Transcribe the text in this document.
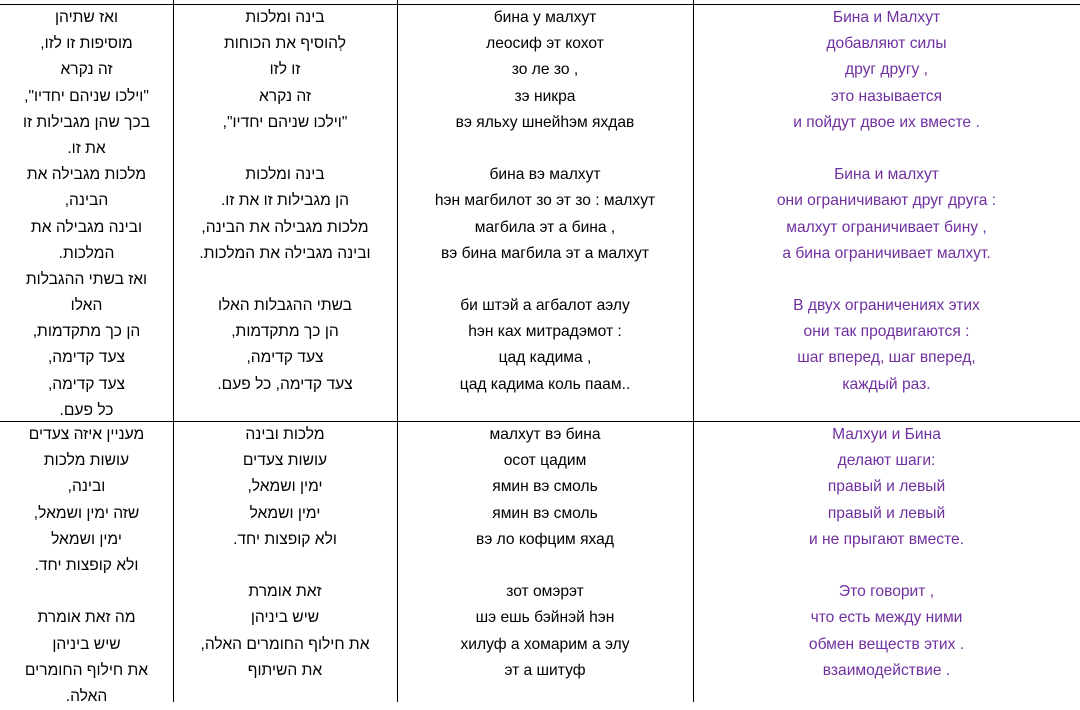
ואז שתיהן
מוסיפות זו לזו,
זה נקרא
"וילכו שניהם יחדיו",
בכך שהן מגבילות זו
את זו.
מלכות מגבילה את
הבינה,
ובינה מגבילה את
המלכות.
ואז בשתי ההגבלות
האלו
הן כך מתקדמות,
צעד קדימה,
צעד קדימה,
כל פעם.
בינה ומלכות
לְהוסיף את הכוחות
זו לזו
זה נקרא
"וילכו שניהם יחדיו",
בינה ומלכות
הן מגבילות זו את זו.
מלכות מגבילה את הבינה,
ובינה מגבילה את המלכות.
בשתי ההגבלות האלו
הן כך מתקדמות,
צעד קדימה,
צעד קדימה, כל פעם.
бина у малхут
леосиф эт кохот
зо ле зо ,
зэ никра
вэ яльху шнейһэм яхдав
бина вэ малхут
һэн магбилот зо эт зо : малхут
магбила эт а бина ,
вэ бина магбила эт а малхут
би штэй а агбалот аэлу
һэн ках митрадэмот :
цад кадима ,
цад кадима коль паам..
Бина и Малхут
добавляют силы
друг другу ,
это называется
и пойдут двое их вместе .
Бина и малхут
они ограничивают друг друга :
малхут ограничивает бину ,
а бина ограничивает малхут.
В двух ограничениях этих
они так продвигаются :
шаг вперед, шаг вперед,
каждый раз.
מעניין איזה צעדים
עושות מלכות
ובינה,
שזה ימין ושמאל,
ימין ושמאל
ולא קופצות יחד.
מה זאת אומרת
שיש ביניהן
את חילוף החומרים
האלה.
מלכות ובינה
עושות צעדים
ימין ושמאל,
ימין ושמאל
ולא קופצות יחד.
זאת אומרת
שיש ביניהן
את חילוף החומרים האלה,
את השיתוף
малхут вэ бина
осот цадим
ямин вэ смоль
ямин вэ смоль
вэ ло кофцим яхад
зот омэрэт
шэ ешь бэйнэй һэн
хилуф а хомарим а элу
эт а шитуф
Малхуи и Бина
делают шаги:
правый и левый
правый и левый
и не прыгают вместе.
Это говорит ,
что есть между ними
обмен веществ этих .
взаимодействие .
